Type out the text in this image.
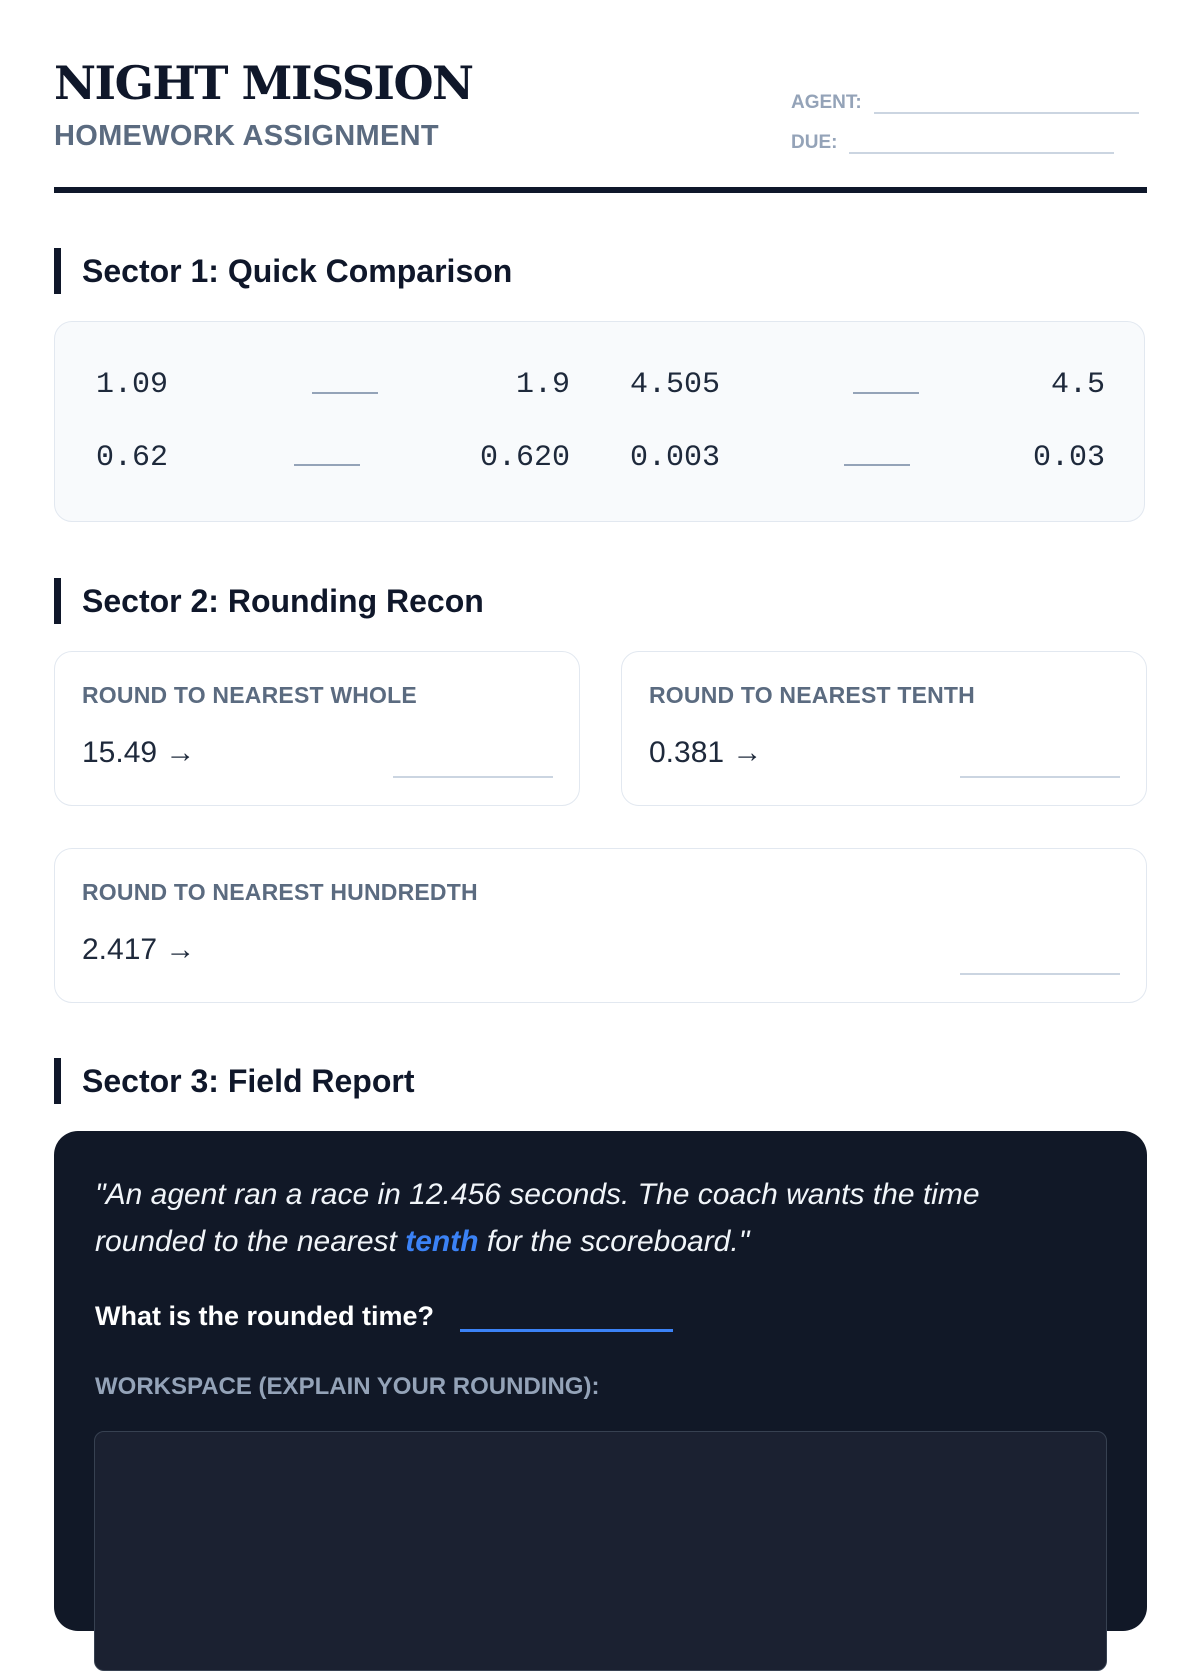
NIGHT MISSION
HOMEWORK ASSIGNMENT
AGENT:
DUE:
Sector 1: Quick Comparison
1.09	1.9 4.505	4.5
0.62	0.620 0.003	0.03
Sector 2: Rounding Recon
ROUND TO NEAREST WHOLE
15.49 →
ROUND TO NEAREST TENTH
0.381 →
ROUND TO NEAREST HUNDREDTH
2.417 →
Sector 3: Field Report
"An agent ran a race in 12.456 seconds. The coach wants the time rounded to the nearest tenth for the scoreboard."
What is the rounded time?
WORKSPACE (EXPLAIN YOUR ROUNDING):
